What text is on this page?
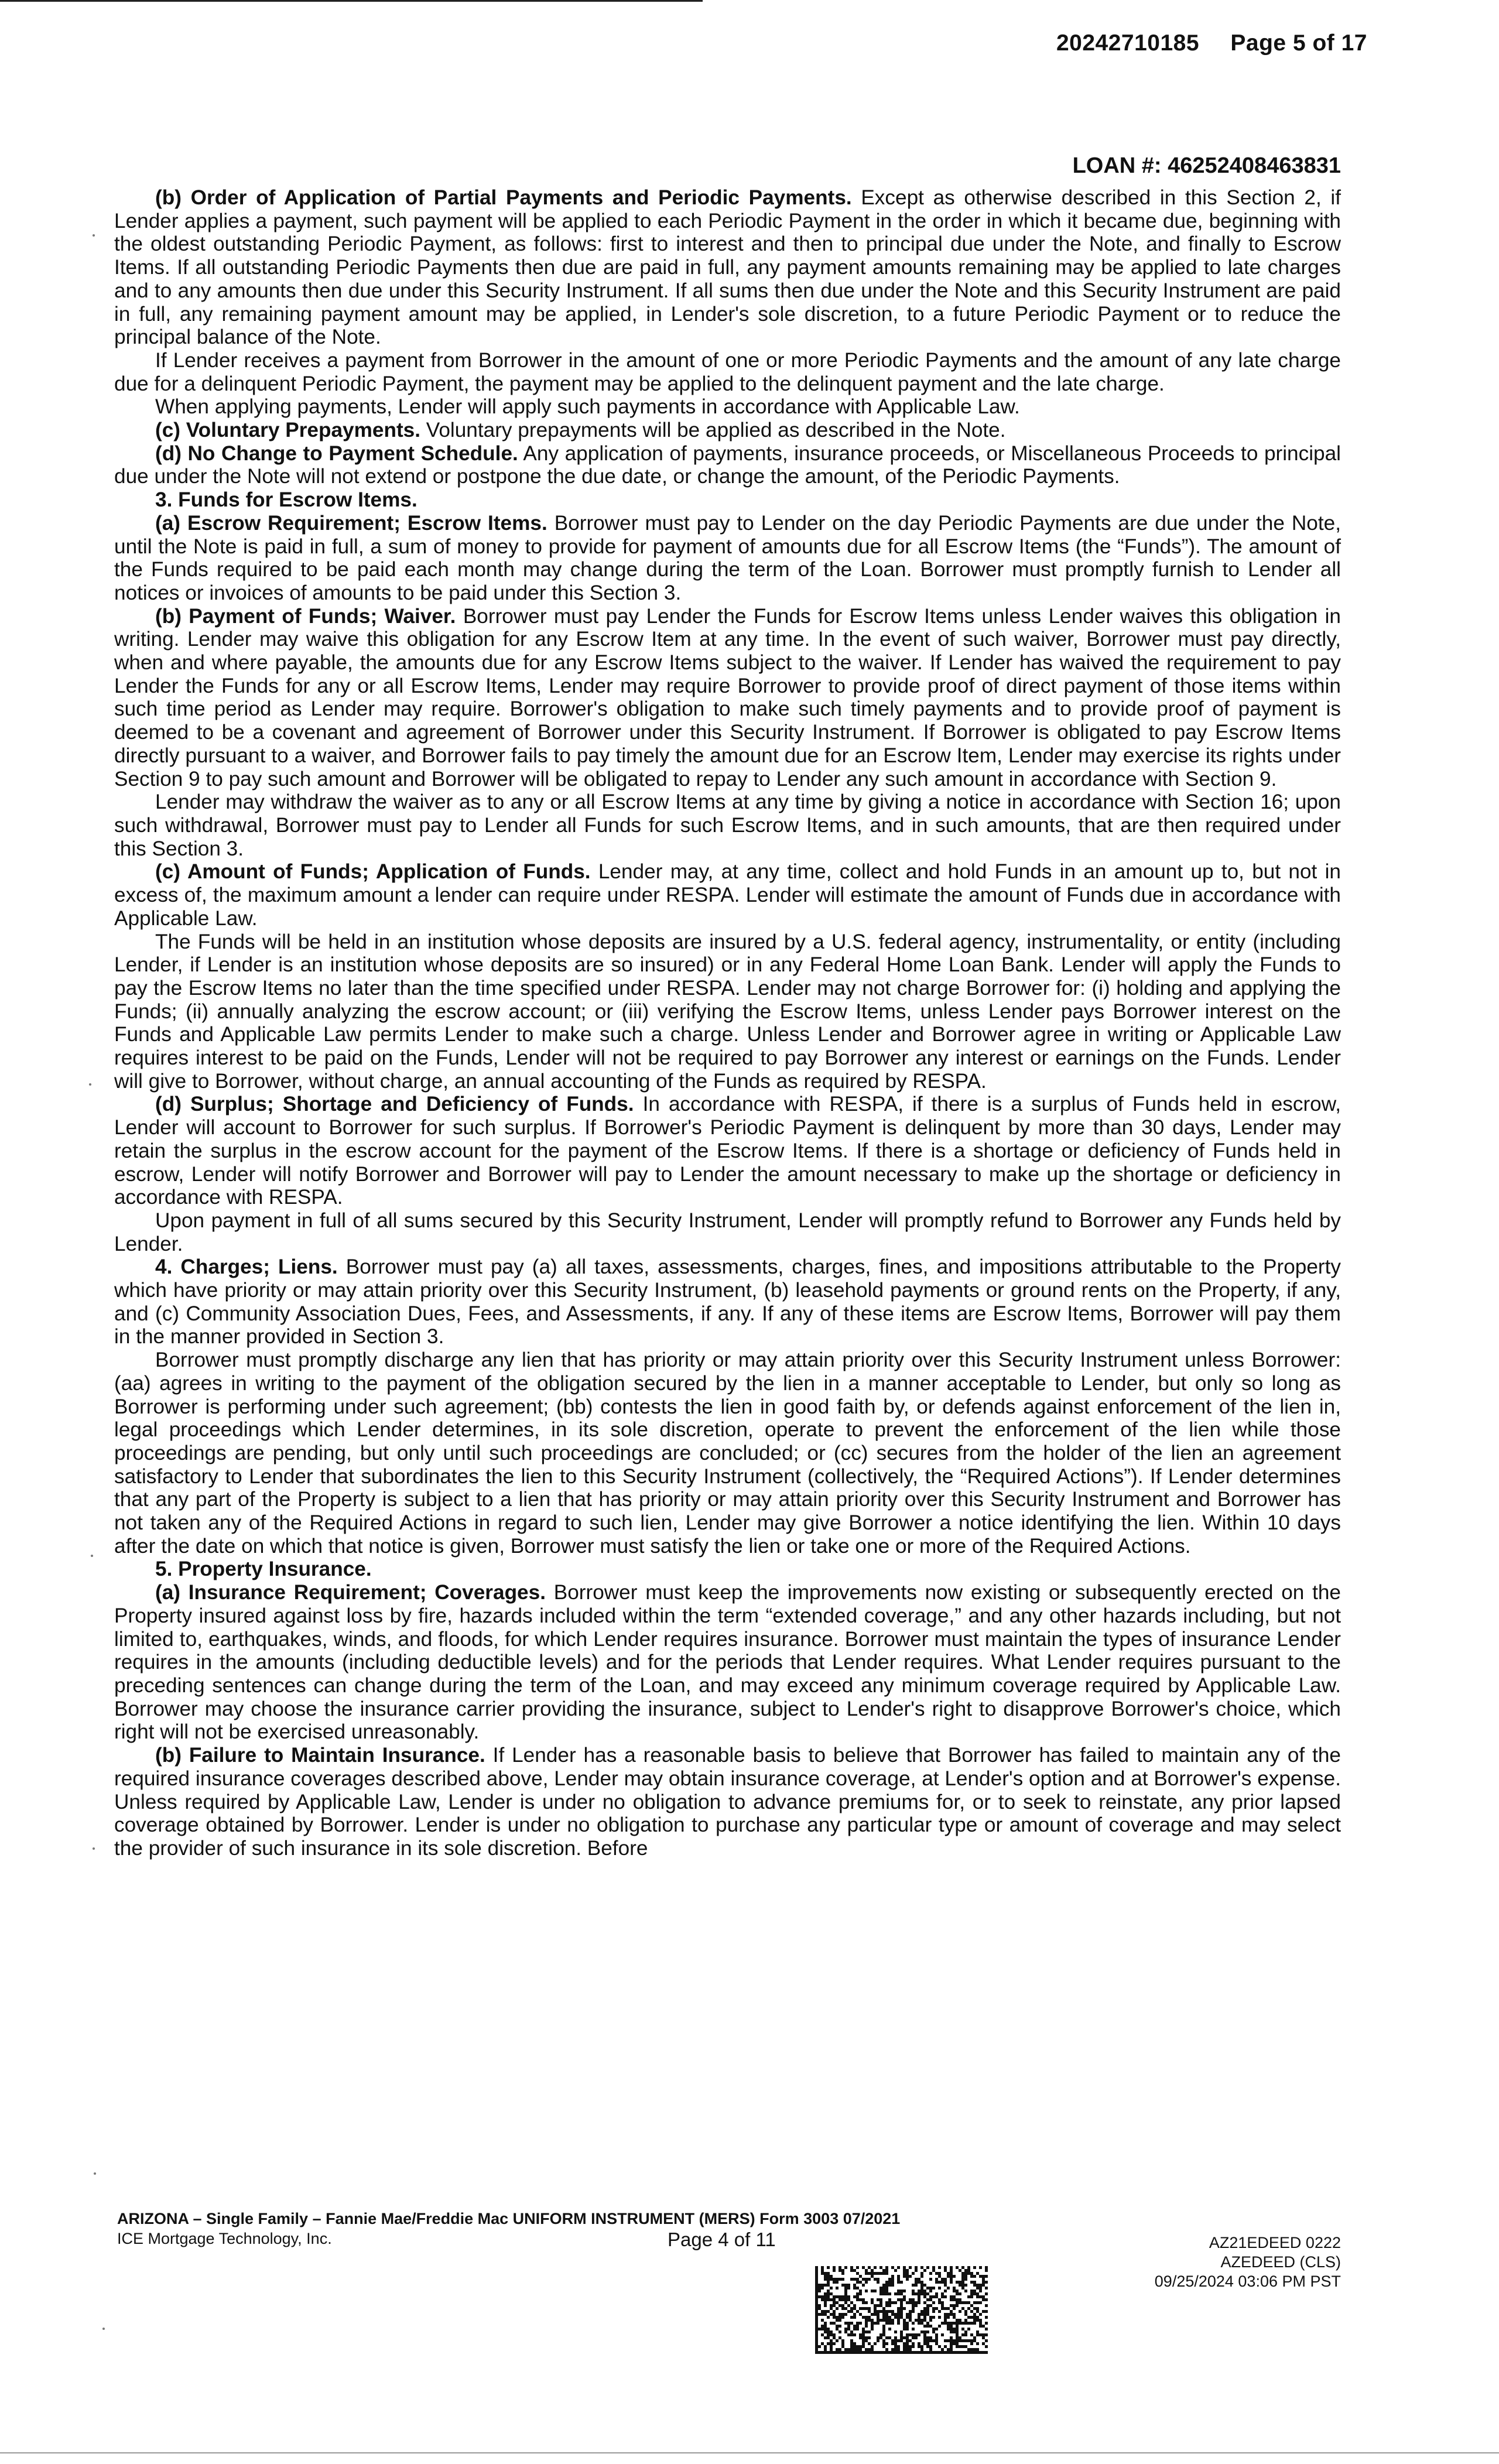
20242710185 Page 5 of 17
LOAN #: 46252408463831

(b) Order of Application of Partial Payments and Periodic Payments. Except as otherwise described in this Section 2, if Lender applies a payment, such payment will be applied to each Periodic Payment in the order in which it became due, beginning with the oldest outstanding Periodic Payment, as follows: first to interest and then to principal due under the Note, and finally to Escrow Items. If all outstanding Periodic Payments then due are paid in full, any payment amounts remaining may be applied to late charges and to any amounts then due under this Security Instrument. If all sums then due under the Note and this Security Instrument are paid in full, any remaining payment amount may be applied, in Lender's sole discretion, to a future Periodic Payment or to reduce the principal balance of the Note.

If Lender receives a payment from Borrower in the amount of one or more Periodic Payments and the amount of any late charge due for a delinquent Periodic Payment, the payment may be applied to the delinquent payment and the late charge.

When applying payments, Lender will apply such payments in accordance with Applicable Law.

(c) Voluntary Prepayments. Voluntary prepayments will be applied as described in the Note.

(d) No Change to Payment Schedule. Any application of payments, insurance proceeds, or Miscellaneous Proceeds to principal due under the Note will not extend or postpone the due date, or change the amount, of the Periodic Payments.

3. Funds for Escrow Items.

(a) Escrow Requirement; Escrow Items. Borrower must pay to Lender on the day Periodic Payments are due under the Note, until the Note is paid in full, a sum of money to provide for payment of amounts due for all Escrow Items (the “Funds”). The amount of the Funds required to be paid each month may change during the term of the Loan. Borrower must promptly furnish to Lender all notices or invoices of amounts to be paid under this Section 3.

(b) Payment of Funds; Waiver. Borrower must pay Lender the Funds for Escrow Items unless Lender waives this obligation in writing. Lender may waive this obligation for any Escrow Item at any time. In the event of such waiver, Borrower must pay directly, when and where payable, the amounts due for any Escrow Items subject to the waiver. If Lender has waived the requirement to pay Lender the Funds for any or all Escrow Items, Lender may require Borrower to provide proof of direct payment of those items within such time period as Lender may require. Borrower's obligation to make such timely payments and to provide proof of payment is deemed to be a covenant and agreement of Borrower under this Security Instrument. If Borrower is obligated to pay Escrow Items directly pursuant to a waiver, and Borrower fails to pay timely the amount due for an Escrow Item, Lender may exercise its rights under Section 9 to pay such amount and Borrower will be obligated to repay to Lender any such amount in accordance with Section 9.

Lender may withdraw the waiver as to any or all Escrow Items at any time by giving a notice in accordance with Section 16; upon such withdrawal, Borrower must pay to Lender all Funds for such Escrow Items, and in such amounts, that are then required under this Section 3.

(c) Amount of Funds; Application of Funds. Lender may, at any time, collect and hold Funds in an amount up to, but not in excess of, the maximum amount a lender can require under RESPA. Lender will estimate the amount of Funds due in accordance with Applicable Law.

The Funds will be held in an institution whose deposits are insured by a U.S. federal agency, instrumentality, or entity (including Lender, if Lender is an institution whose deposits are so insured) or in any Federal Home Loan Bank. Lender will apply the Funds to pay the Escrow Items no later than the time specified under RESPA. Lender may not charge Borrower for: (i) holding and applying the Funds; (ii) annually analyzing the escrow account; or (iii) verifying the Escrow Items, unless Lender pays Borrower interest on the Funds and Applicable Law permits Lender to make such a charge. Unless Lender and Borrower agree in writing or Applicable Law requires interest to be paid on the Funds, Lender will not be required to pay Borrower any interest or earnings on the Funds. Lender will give to Borrower, without charge, an annual accounting of the Funds as required by RESPA.

(d) Surplus; Shortage and Deficiency of Funds. In accordance with RESPA, if there is a surplus of Funds held in escrow, Lender will account to Borrower for such surplus. If Borrower's Periodic Payment is delinquent by more than 30 days, Lender may retain the surplus in the escrow account for the payment of the Escrow Items. If there is a shortage or deficiency of Funds held in escrow, Lender will notify Borrower and Borrower will pay to Lender the amount necessary to make up the shortage or deficiency in accordance with RESPA.

Upon payment in full of all sums secured by this Security Instrument, Lender will promptly refund to Borrower any Funds held by Lender.

4. Charges; Liens. Borrower must pay (a) all taxes, assessments, charges, fines, and impositions attributable to the Property which have priority or may attain priority over this Security Instrument, (b) leasehold payments or ground rents on the Property, if any, and (c) Community Association Dues, Fees, and Assessments, if any. If any of these items are Escrow Items, Borrower will pay them in the manner provided in Section 3.

Borrower must promptly discharge any lien that has priority or may attain priority over this Security Instrument unless Borrower: (aa) agrees in writing to the payment of the obligation secured by the lien in a manner acceptable to Lender, but only so long as Borrower is performing under such agreement; (bb) contests the lien in good faith by, or defends against enforcement of the lien in, legal proceedings which Lender determines, in its sole discretion, operate to prevent the enforcement of the lien while those proceedings are pending, but only until such proceedings are concluded; or (cc) secures from the holder of the lien an agreement satisfactory to Lender that subordinates the lien to this Security Instrument (collectively, the “Required Actions”). If Lender determines that any part of the Property is subject to a lien that has priority or may attain priority over this Security Instrument and Borrower has not taken any of the Required Actions in regard to such lien, Lender may give Borrower a notice identifying the lien. Within 10 days after the date on which that notice is given, Borrower must satisfy the lien or take one or more of the Required Actions.

5. Property Insurance.

(a) Insurance Requirement; Coverages. Borrower must keep the improvements now existing or subsequently erected on the Property insured against loss by fire, hazards included within the term “extended coverage,” and any other hazards including, but not limited to, earthquakes, winds, and floods, for which Lender requires insurance. Borrower must maintain the types of insurance Lender requires in the amounts (including deductible levels) and for the periods that Lender requires. What Lender requires pursuant to the preceding sentences can change during the term of the Loan, and may exceed any minimum coverage required by Applicable Law. Borrower may choose the insurance carrier providing the insurance, subject to Lender's right to disapprove Borrower's choice, which right will not be exercised unreasonably.

(b) Failure to Maintain Insurance. If Lender has a reasonable basis to believe that Borrower has failed to maintain any of the required insurance coverages described above, Lender may obtain insurance coverage, at Lender's option and at Borrower's expense. Unless required by Applicable Law, Lender is under no obligation to advance premiums for, or to seek to reinstate, any prior lapsed coverage obtained by Borrower. Lender is under no obligation to purchase any particular type or amount of coverage and may select the provider of such insurance in its sole discretion. Before

ARIZONA – Single Family – Fannie Mae/Freddie Mac UNIFORM INSTRUMENT (MERS) Form 3003 07/2021
ICE Mortgage Technology, Inc.	Page 4 of 11	AZ21EDEED 0222
AZEDEED (CLS)
09/25/2024 03:06 PM PST
